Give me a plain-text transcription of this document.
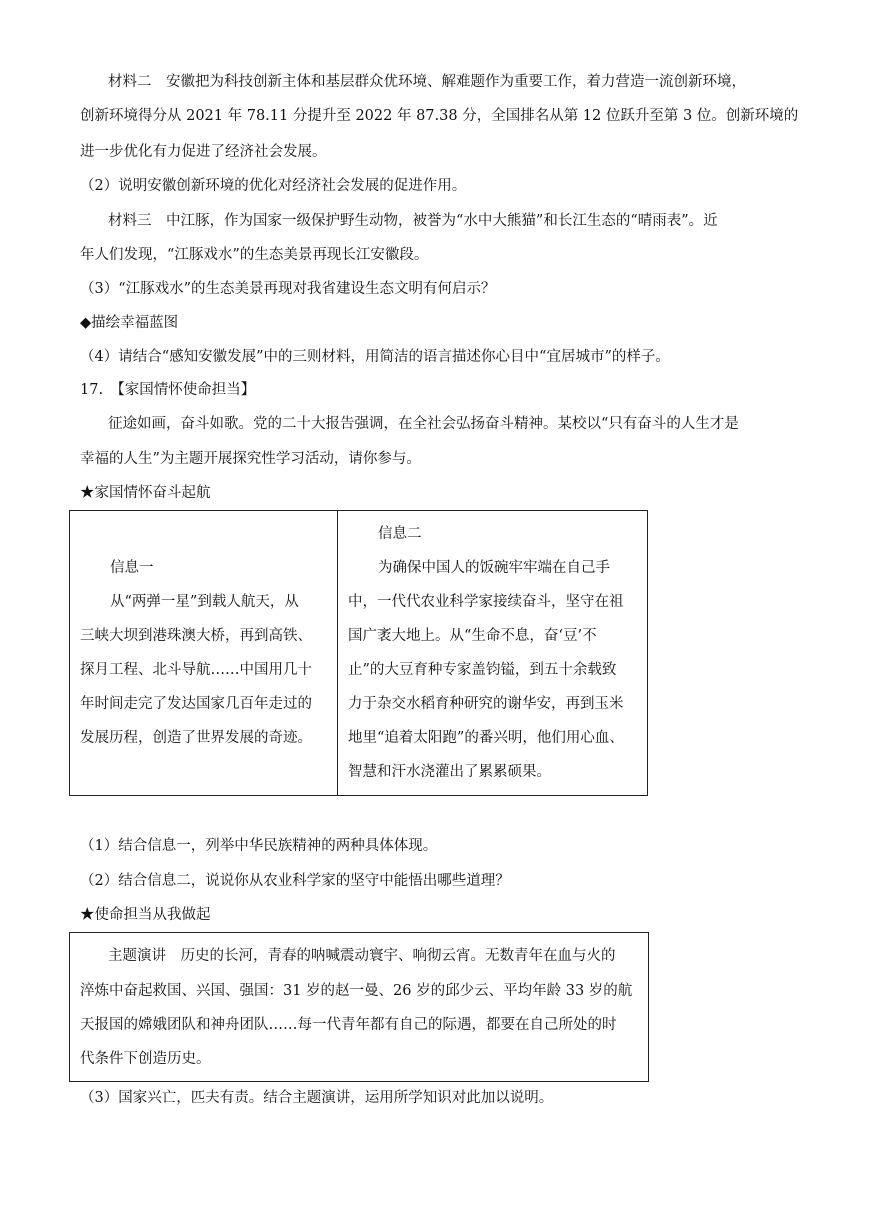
材料二　安徽把为科技创新主体和基层群众优环境、解难题作为重要工作，着力营造一流创新环境，
创新环境得分从 2021 年 78.11 分提升至 2022 年 87.38 分，全国排名从第 12 位跃升至第 3 位。创新环境的
进一步优化有力促进了经济社会发展。
（2）说明安徽创新环境的优化对经济社会发展的促进作用。
材料三　中江豚，作为国家一级保护野生动物，被誉为“水中大熊猫”和长江生态的“晴雨表”。近
年人们发现，“江豚戏水”的生态美景再现长江安徽段。
（3）“江豚戏水”的生态美景再现对我省建设生态文明有何启示？
◆描绘幸福蓝图
（4）请结合“感知安徽发展”中的三则材料，用简洁的语言描述你心目中“宜居城市”的样子。
17.　【家国情怀使命担当】
征途如画，奋斗如歌。党的二十大报告强调，在全社会弘扬奋斗精神。某校以“只有奋斗的人生才是
幸福的人生”为主题开展探究性学习活动，请你参与。
★家国情怀奋斗起航
信息一
从“两弹一星”到载人航天，从
三峡大坝到港珠澳大桥，再到高铁、
探月工程、北斗导航……中国用几十
年时间走完了发达国家几百年走过的
发展历程，创造了世界发展的奇迹。
信息二
为确保中国人的饭碗牢牢端在自己手
中，一代代农业科学家接续奋斗，坚守在祖
国广袤大地上。从“生命不息，奋‘豆’不
止”的大豆育种专家盖钧镒，到五十余载致
力于杂交水稻育种研究的谢华安，再到玉米
地里“追着太阳跑”的番兴明，他们用心血、
智慧和汗水浇灌出了累累硕果。
（1）结合信息一，列举中华民族精神的两种具体体现。
（2）结合信息二，说说你从农业科学家的坚守中能悟出哪些道理？
★使命担当从我做起
主题演讲　历史的长河，青春的呐喊震动寰宇、响彻云宵。无数青年在血与火的
淬炼中奋起救国、兴国、强国：31 岁的赵一曼、26 岁的邱少云、平均年龄 33 岁的航
天报国的嫦娥团队和神舟团队……每一代青年都有自己的际遇，都要在自己所处的时
代条件下创造历史。
（3）国家兴亡，匹夫有责。结合主题演讲，运用所学知识对此加以说明。
